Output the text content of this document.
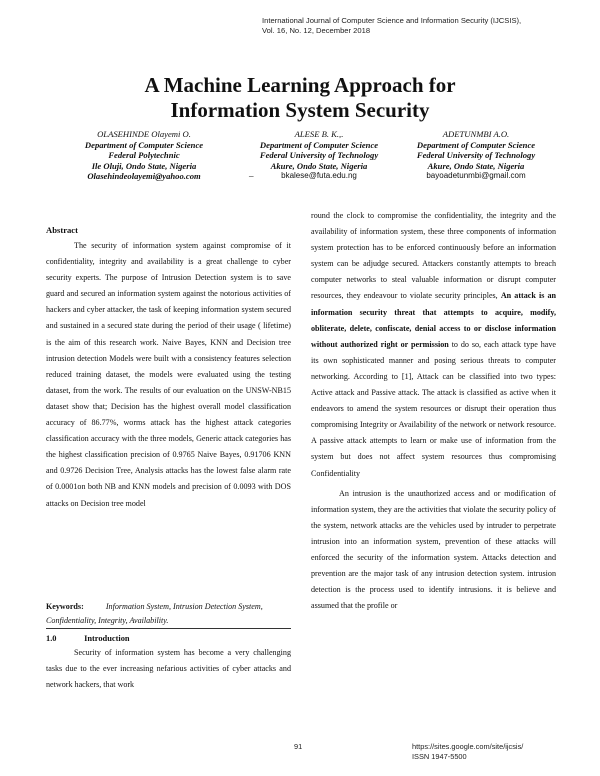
International Journal of Computer Science and Information Security (IJCSIS),
Vol. 16, No. 12, December 2018
A Machine Learning Approach for
Information System Security
OLASEHINDE Olayemi O.
Department of Computer Science
Federal Polytechnic
Ile Oluji, Ondo State, Nigeria
Olasehindeolayemi@yahoo.com	_
ALESE B. K.,.
Department of Computer Science
Federal University of Technology
Akure, Ondo State, Nigeria
bkalese@futa.edu.ng
ADETUNMBI A.O.
Department of Computer Science
Federal University of Technology
Akure, Ondo State, Nigeria
bayoadetunmbi@gmail.com
Abstract

The security of information system against compromise of it confidentiality, integrity and availability is a great challenge to cyber security experts. The purpose of Intrusion Detection system is to save guard and secured an information system against the notorious activities of hackers and cyber attacker, the task of keeping information system secured and sustained in a secured state during the period of their usage ( lifetime) is the aim of this research work. Naive Bayes, KNN and Decision tree intrusion detection Models were built with a consistency features selection reduced training dataset, the models were evaluated using the testing dataset, from the work. The results of our evaluation on the UNSW-NB15 dataset show that; Decision has the highest overall model classification accuracy of 86.77%, worms attack has the highest attack categories classification accuracy with the three models, Generic attack categories has the highest classification precision of 0.9765 Naive Bayes, 0.91706 KNN and 0.9726 Decision Tree, Analysis attacks has the lowest false alarm rate of 0.0001on both NB and KNN models and precision of 0.0093 with DOS attacks on Decision tree model

Keywords:	Information System, Intrusion Detection System, Confidentiality, Integrity, Availability.
1.0	Introduction

Security of information system has become a very challenging tasks due to the ever increasing nefarious activities of cyber attacks and network hackers, that work

round the clock to compromise the confidentiality, the integrity and the availability of information system, these three components of information system protection has to be enforced continuously before an information system can be adjudge secured. Attackers constantly attempts to breach computer networks to steal valuable information or disrupt computer resources, they endeavour to violate security principles, An attack is an information security threat that attempts to acquire, modify, obliterate, delete, confiscate, denial access to or disclose information without authorized right or permission to do so, each attack type have its own sophisticated manner and posing serious threats to computer networking. According to [1], Attack can be classified into two types: Active attack and Passive attack. The attack is classified as active when it endeavors to amend the system resources or disrupt their operation thus compromising Integrity or Availability of the network or network resource. A passive attack attempts to learn or make use of information from the system but does not affect system resources thus compromising Confidentiality

An intrusion is the unauthorized access and or modification of information system, they are the activities that violate the security policy of the system, network attacks are the vehicles used by intruder to perpetrate intrusion into an information system, prevention of these attacks will enforced the security of the information system. Attacks detection and prevention are the major task of any intrusion detection system. intrusion detection is the process used to identify intrusions. it is believe and assumed that the profile or

91	https://sites.google.com/site/ijcsis/
ISSN 1947-5500
